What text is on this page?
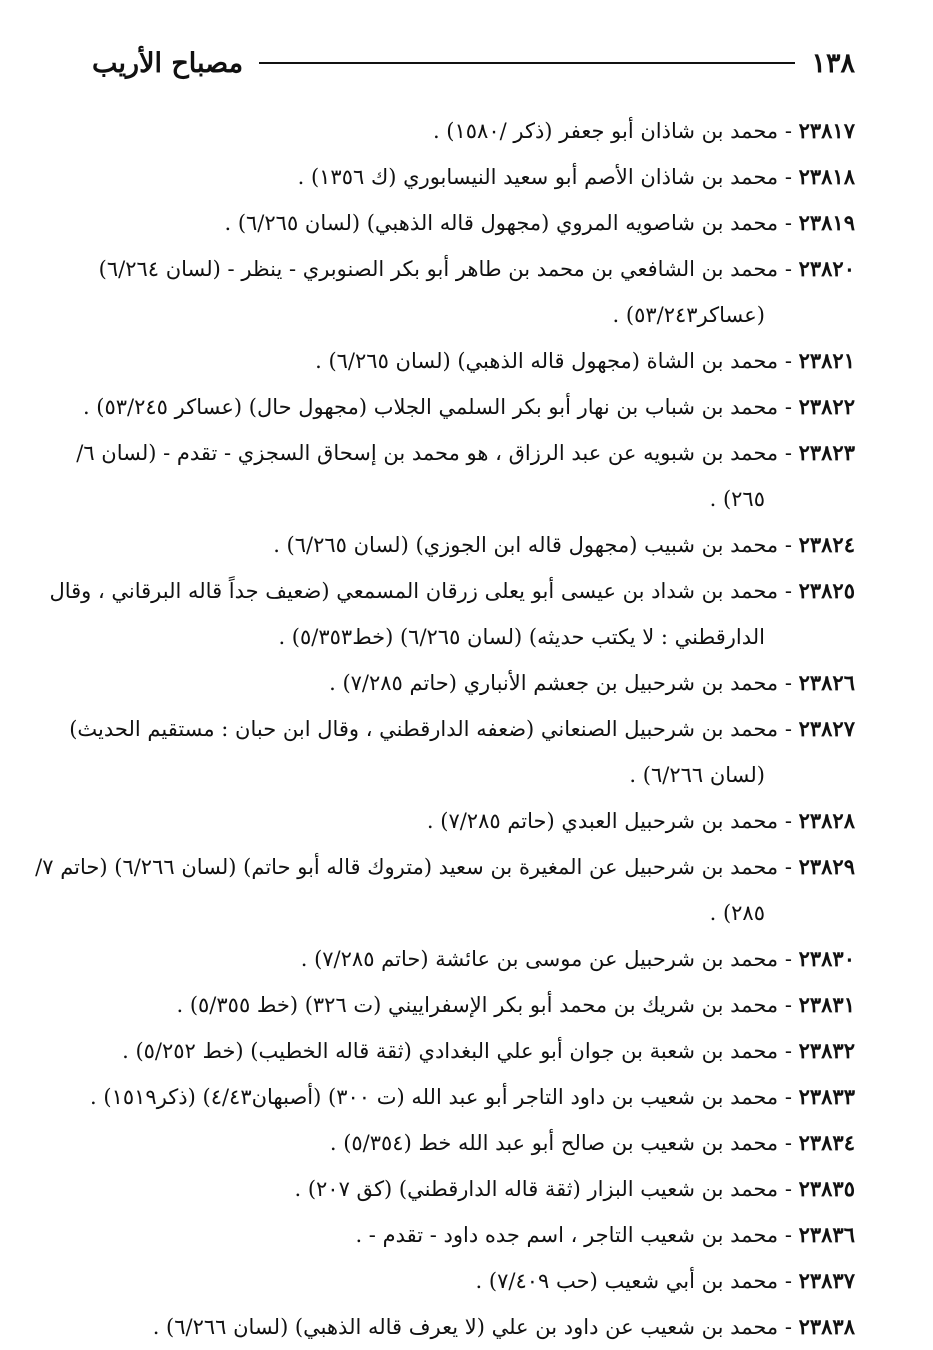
١٣٨
مصباح الأريب
٢٣٨١٧ - محمد بن شاذان أبو جعفر (ذكر /١٥٨٠) .
٢٣٨١٨ - محمد بن شاذان الأصم أبو سعيد النيسابوري (ك ١٣٥٦) .
٢٣٨١٩ - محمد بن شاصويه المروي (مجهول قاله الذهبي) (لسان ٦/٢٦٥) .
٢٣٨٢٠ - محمد بن الشافعي بن محمد بن طاهر أبو بكر الصنوبري - ينظر - (لسان ٦/٢٦٤)
(عساكر٥٣/٢٤٣) .
٢٣٨٢١ - محمد بن الشاة (مجهول قاله الذهبي) (لسان ٦/٢٦٥) .
٢٣٨٢٢ - محمد بن شباب بن نهار أبو بكر السلمي الجلاب (مجهول حال) (عساكر ٥٣/٢٤٥) .
٢٣٨٢٣ - محمد بن شبويه عن عبد الرزاق ، هو محمد بن إسحاق السجزي - تقدم - (لسان ٦/
٢٦٥) .
٢٣٨٢٤ - محمد بن شبيب (مجهول قاله ابن الجوزي) (لسان ٦/٢٦٥) .
٢٣٨٢٥ - محمد بن شداد بن عيسى أبو يعلى زرقان المسمعي (ضعيف جداً قاله البرقاني ، وقال
الدارقطني : لا يكتب حديثه) (لسان ٦/٢٦٥) (خط٥/٣٥٣) .
٢٣٨٢٦ - محمد بن شرحبيل بن جعشم الأنباري (حاتم ٧/٢٨٥) .
٢٣٨٢٧ - محمد بن شرحبيل الصنعاني (ضعفه الدارقطني ، وقال ابن حبان : مستقيم الحديث)
(لسان ٦/٢٦٦) .
٢٣٨٢٨ - محمد بن شرحبيل العبدي (حاتم ٧/٢٨٥) .
٢٣٨٢٩ - محمد بن شرحبيل عن المغيرة بن سعيد (متروك قاله أبو حاتم) (لسان ٦/٢٦٦) (حاتم ٧/
٢٨٥) .
٢٣٨٣٠ - محمد بن شرحبيل عن موسى بن عائشة (حاتم ٧/٢٨٥) .
٢٣٨٣١ - محمد بن شريك بن محمد أبو بكر الإسفراييني (ت ٣٢٦) (خط ٥/٣٥٥) .
٢٣٨٣٢ - محمد بن شعبة بن جوان أبو علي البغدادي (ثقة قاله الخطيب) (خط ٥/٢٥٢) .
٢٣٨٣٣ - محمد بن شعيب بن داود التاجر أبو عبد الله (ت ٣٠٠) (أصبهان٤/٤٣) (ذكر١٥١٩) .
٢٣٨٣٤ - محمد بن شعيب بن صالح أبو عبد الله خط (٥/٣٥٤) .
٢٣٨٣٥ - محمد بن شعيب البزار (ثقة قاله الدارقطني) (كق ٢٠٧) .
٢٣٨٣٦ - محمد بن شعيب التاجر ، اسم جده داود - تقدم - .
٢٣٨٣٧ - محمد بن أبي شعيب (حب ٧/٤٠٩) .
٢٣٨٣٨ - محمد بن شعيب عن داود بن علي (لا يعرف قاله الذهبي) (لسان ٦/٢٦٦) .
